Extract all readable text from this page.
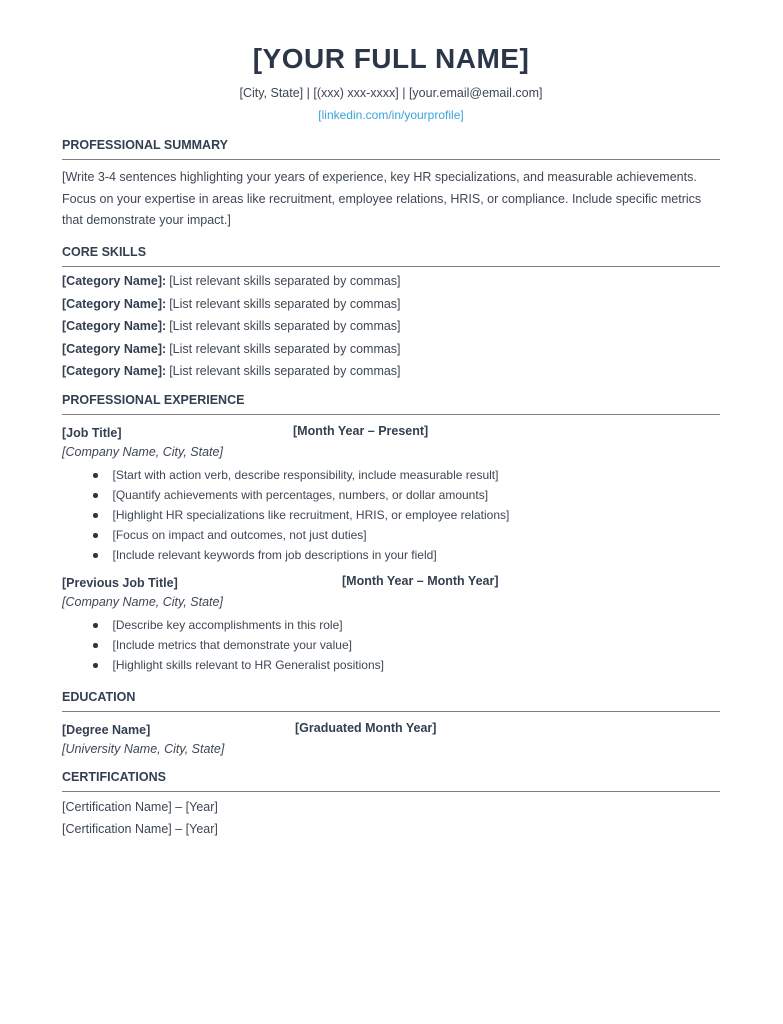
[YOUR FULL NAME]
[City, State] | [(xxx) xxx-xxxx] | [your.email@email.com]
[linkedin.com/in/yourprofile]
PROFESSIONAL SUMMARY

[Write 3-4 sentences highlighting your years of experience, key HR specializations, and measurable achievements. Focus on your expertise in areas like recruitment, employee relations, HRIS, or compliance. Include specific metrics that demonstrate your impact.]

CORE SKILLS
[Category Name]: [List relevant skills separated by commas]
[Category Name]: [List relevant skills separated by commas]
[Category Name]: [List relevant skills separated by commas]
[Category Name]: [List relevant skills separated by commas]
[Category Name]: [List relevant skills separated by commas]
PROFESSIONAL EXPERIENCE
[Job Title]	[Month Year – Present]
[Company Name, City, State]
[Start with action verb, describe responsibility, include measurable result]
[Quantify achievements with percentages, numbers, or dollar amounts]
[Highlight HR specializations like recruitment, HRIS, or employee relations]
[Focus on impact and outcomes, not just duties]
[Include relevant keywords from job descriptions in your field]
[Previous Job Title]	[Month Year – Month Year]
[Company Name, City, State]
[Describe key accomplishments in this role]
[Include metrics that demonstrate your value]
[Highlight skills relevant to HR Generalist positions]
EDUCATION
[Degree Name]	[Graduated Month Year]
[University Name, City, State]
CERTIFICATIONS
[Certification Name] – [Year]
[Certification Name] – [Year]
